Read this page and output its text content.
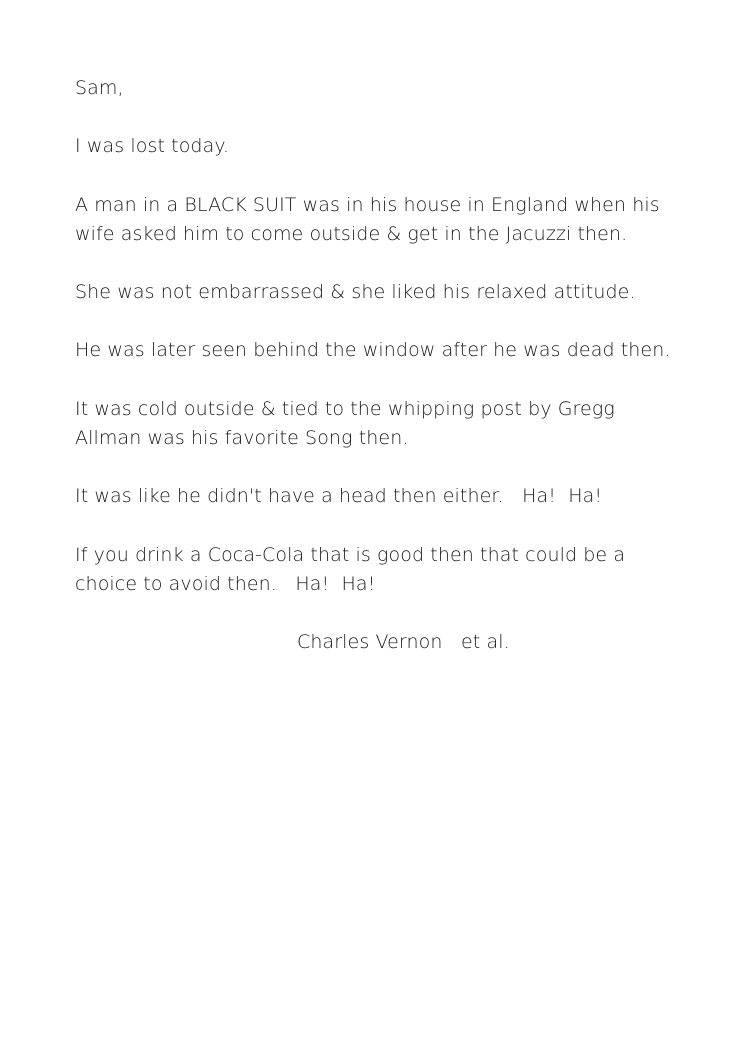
Sam,
I was lost today.
A man in a BLACK SUIT was in his house in England when his
wife asked him to come outside & get in the Jacuzzi then.
She was not embarrassed & she liked his relaxed attitude.
He was later seen behind the window after he was dead then.
It was cold outside & tied to the whipping post by Gregg
Allman was his favorite Song then.
It was like he didn't have a head then either.   Ha!  Ha!
If you drink a Coca-Cola that is good then that could be a
choice to avoid then.   Ha!  Ha!
Charles Vernon et al.
